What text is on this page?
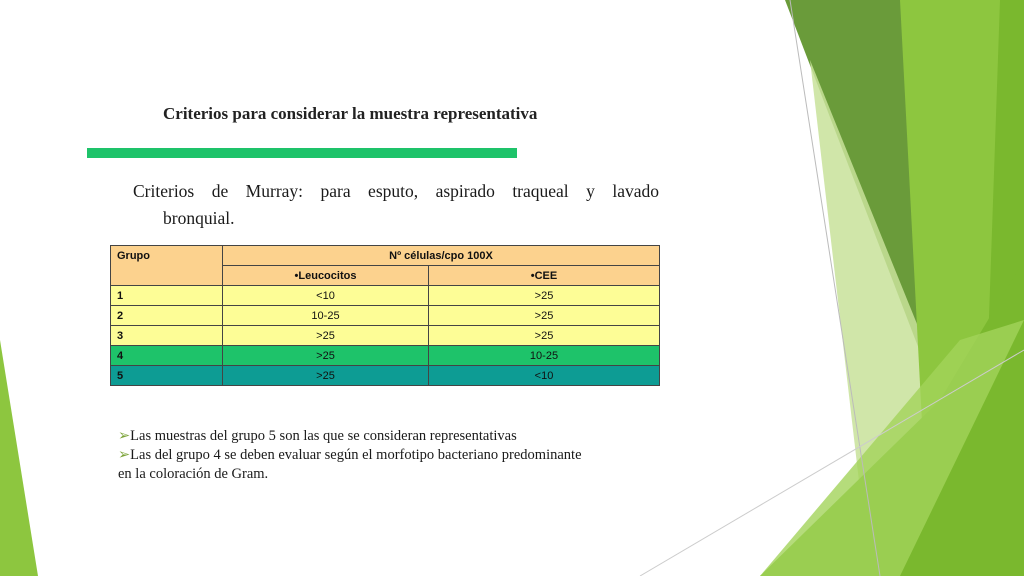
Criterios para considerar la muestra representativa
Criterios de Murray: para esputo, aspirado traqueal y lavado
bronquial.
Grupo	Nº células/cpo 100X	
	•Leucocitos	•CEE
1	<10	>25
2	10-25	>25
3	>25	>25
4	>25	10-25
5	>25	<10
➢Las muestras del grupo 5 son las que se consideran representativas
➢Las del grupo 4 se deben evaluar según el morfotipo bacteriano predominante
en la coloración de Gram.
